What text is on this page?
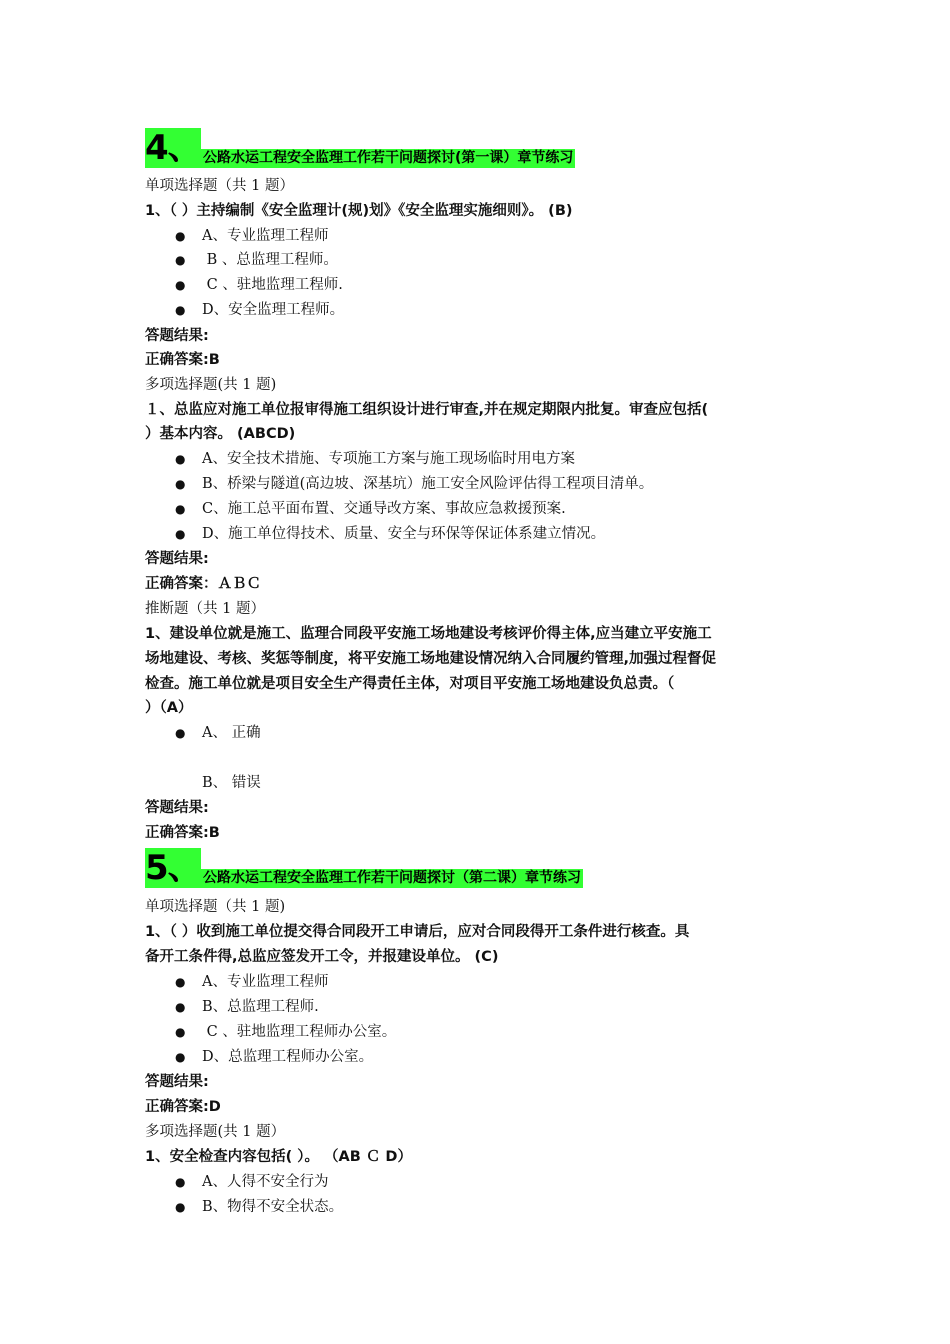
4、 公路水运工程安全监理工作若干问题探讨(第一课）章节练习
单项选择题（共 1 题）
1、（ ）主持编制《安全监理计(规)划》《安全监理实施细则》。 (B)
● A、专业监理工程师
● B 、总监理工程师。
● C 、驻地监理工程师.
● D、安全监理工程师。
答题结果:
正确答案:B
多项选择题(共 1 题)
１、总监应对施工单位报审得施工组织设计进行审查,并在规定期限内批复。审查应包括(
）基本内容。 (ABCD)
● A、安全技术措施、专项施工方案与施工现场临时用电方案
● B、桥梁与隧道(高边坡、深基坑）施工安全风险评估得工程项目清单。
● C、施工总平面布置、交通导改方案、事故应急救援预案.
● D、施工单位得技术、质量、安全与环保等保证体系建立情况。
答题结果:
正确答案：ＡＢＣ
推断题（共 1 题）
1、建设单位就是施工、监理合同段平安施工场地建设考核评价得主体,应当建立平安施工
场地建设、考核、奖惩等制度，将平安施工场地建设情况纳入合同履约管理,加强过程督促
检查。施工单位就是项目安全生产得责任主体，对项目平安施工场地建设负总责。（
）（A）
● A、 正确
B、 错误
答题结果:
正确答案:B
5、 公路水运工程安全监理工作若干问题探讨（第二课）章节练习
单项选择题（共 1 题)
1、（ ）收到施工单位提交得合同段开工申请后，应对合同段得开工条件进行核查。具
备开工条件得,总监应签发开工令，并报建设单位。 (C)
● A、专业监理工程师
● B、总监理工程师.
● C 、驻地监理工程师办公室。
● D、总监理工程师办公室。
答题结果:
正确答案:D
多项选择题(共 1 题）
1、安全检查内容包括( ）。 （AB Ｃ D）
● A、人得不安全行为
● B、物得不安全状态。
